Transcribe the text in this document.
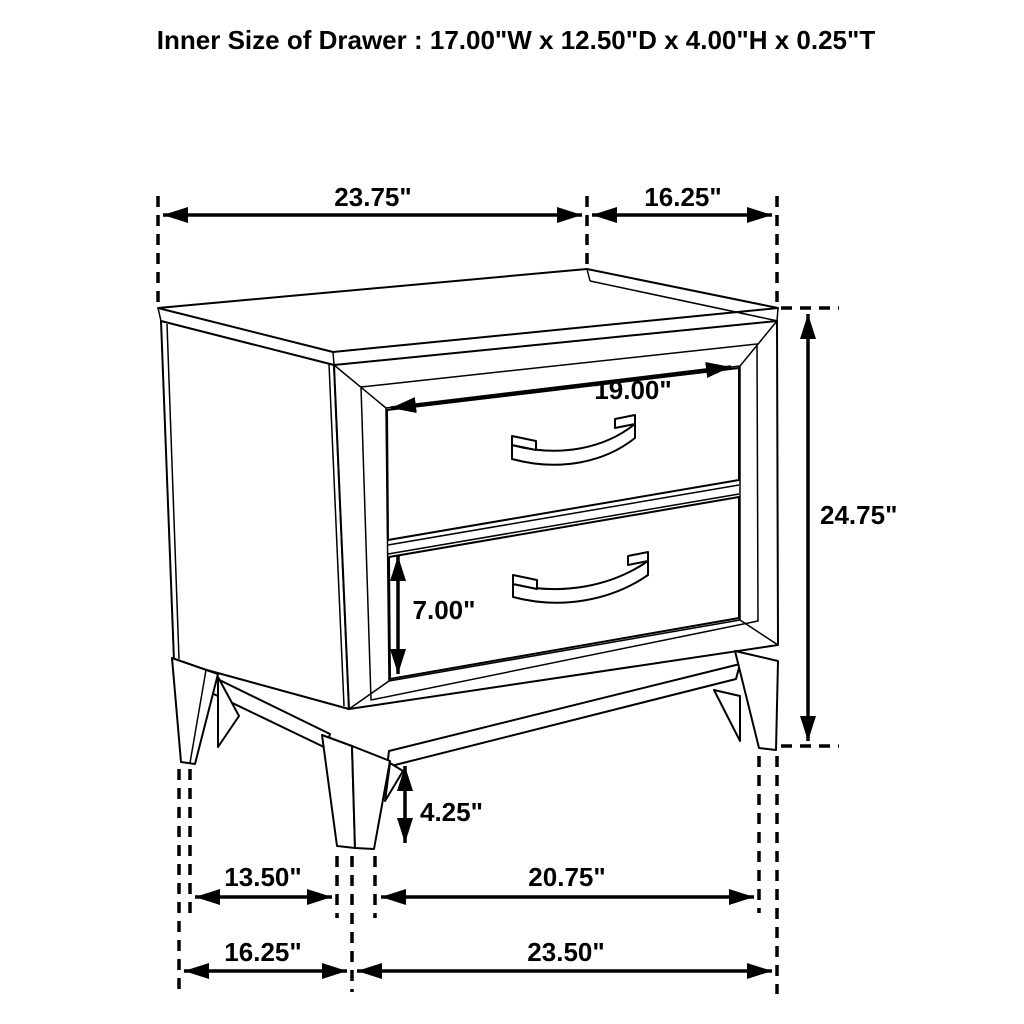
23.75"	16.25"
24.75"
19.00"
7.00"
4.25"
13.50"	20.75"
16.25"	23.50"
Inner Size of Drawer : 17.00"W x 12.50"D x 4.00"H x 0.25"T
